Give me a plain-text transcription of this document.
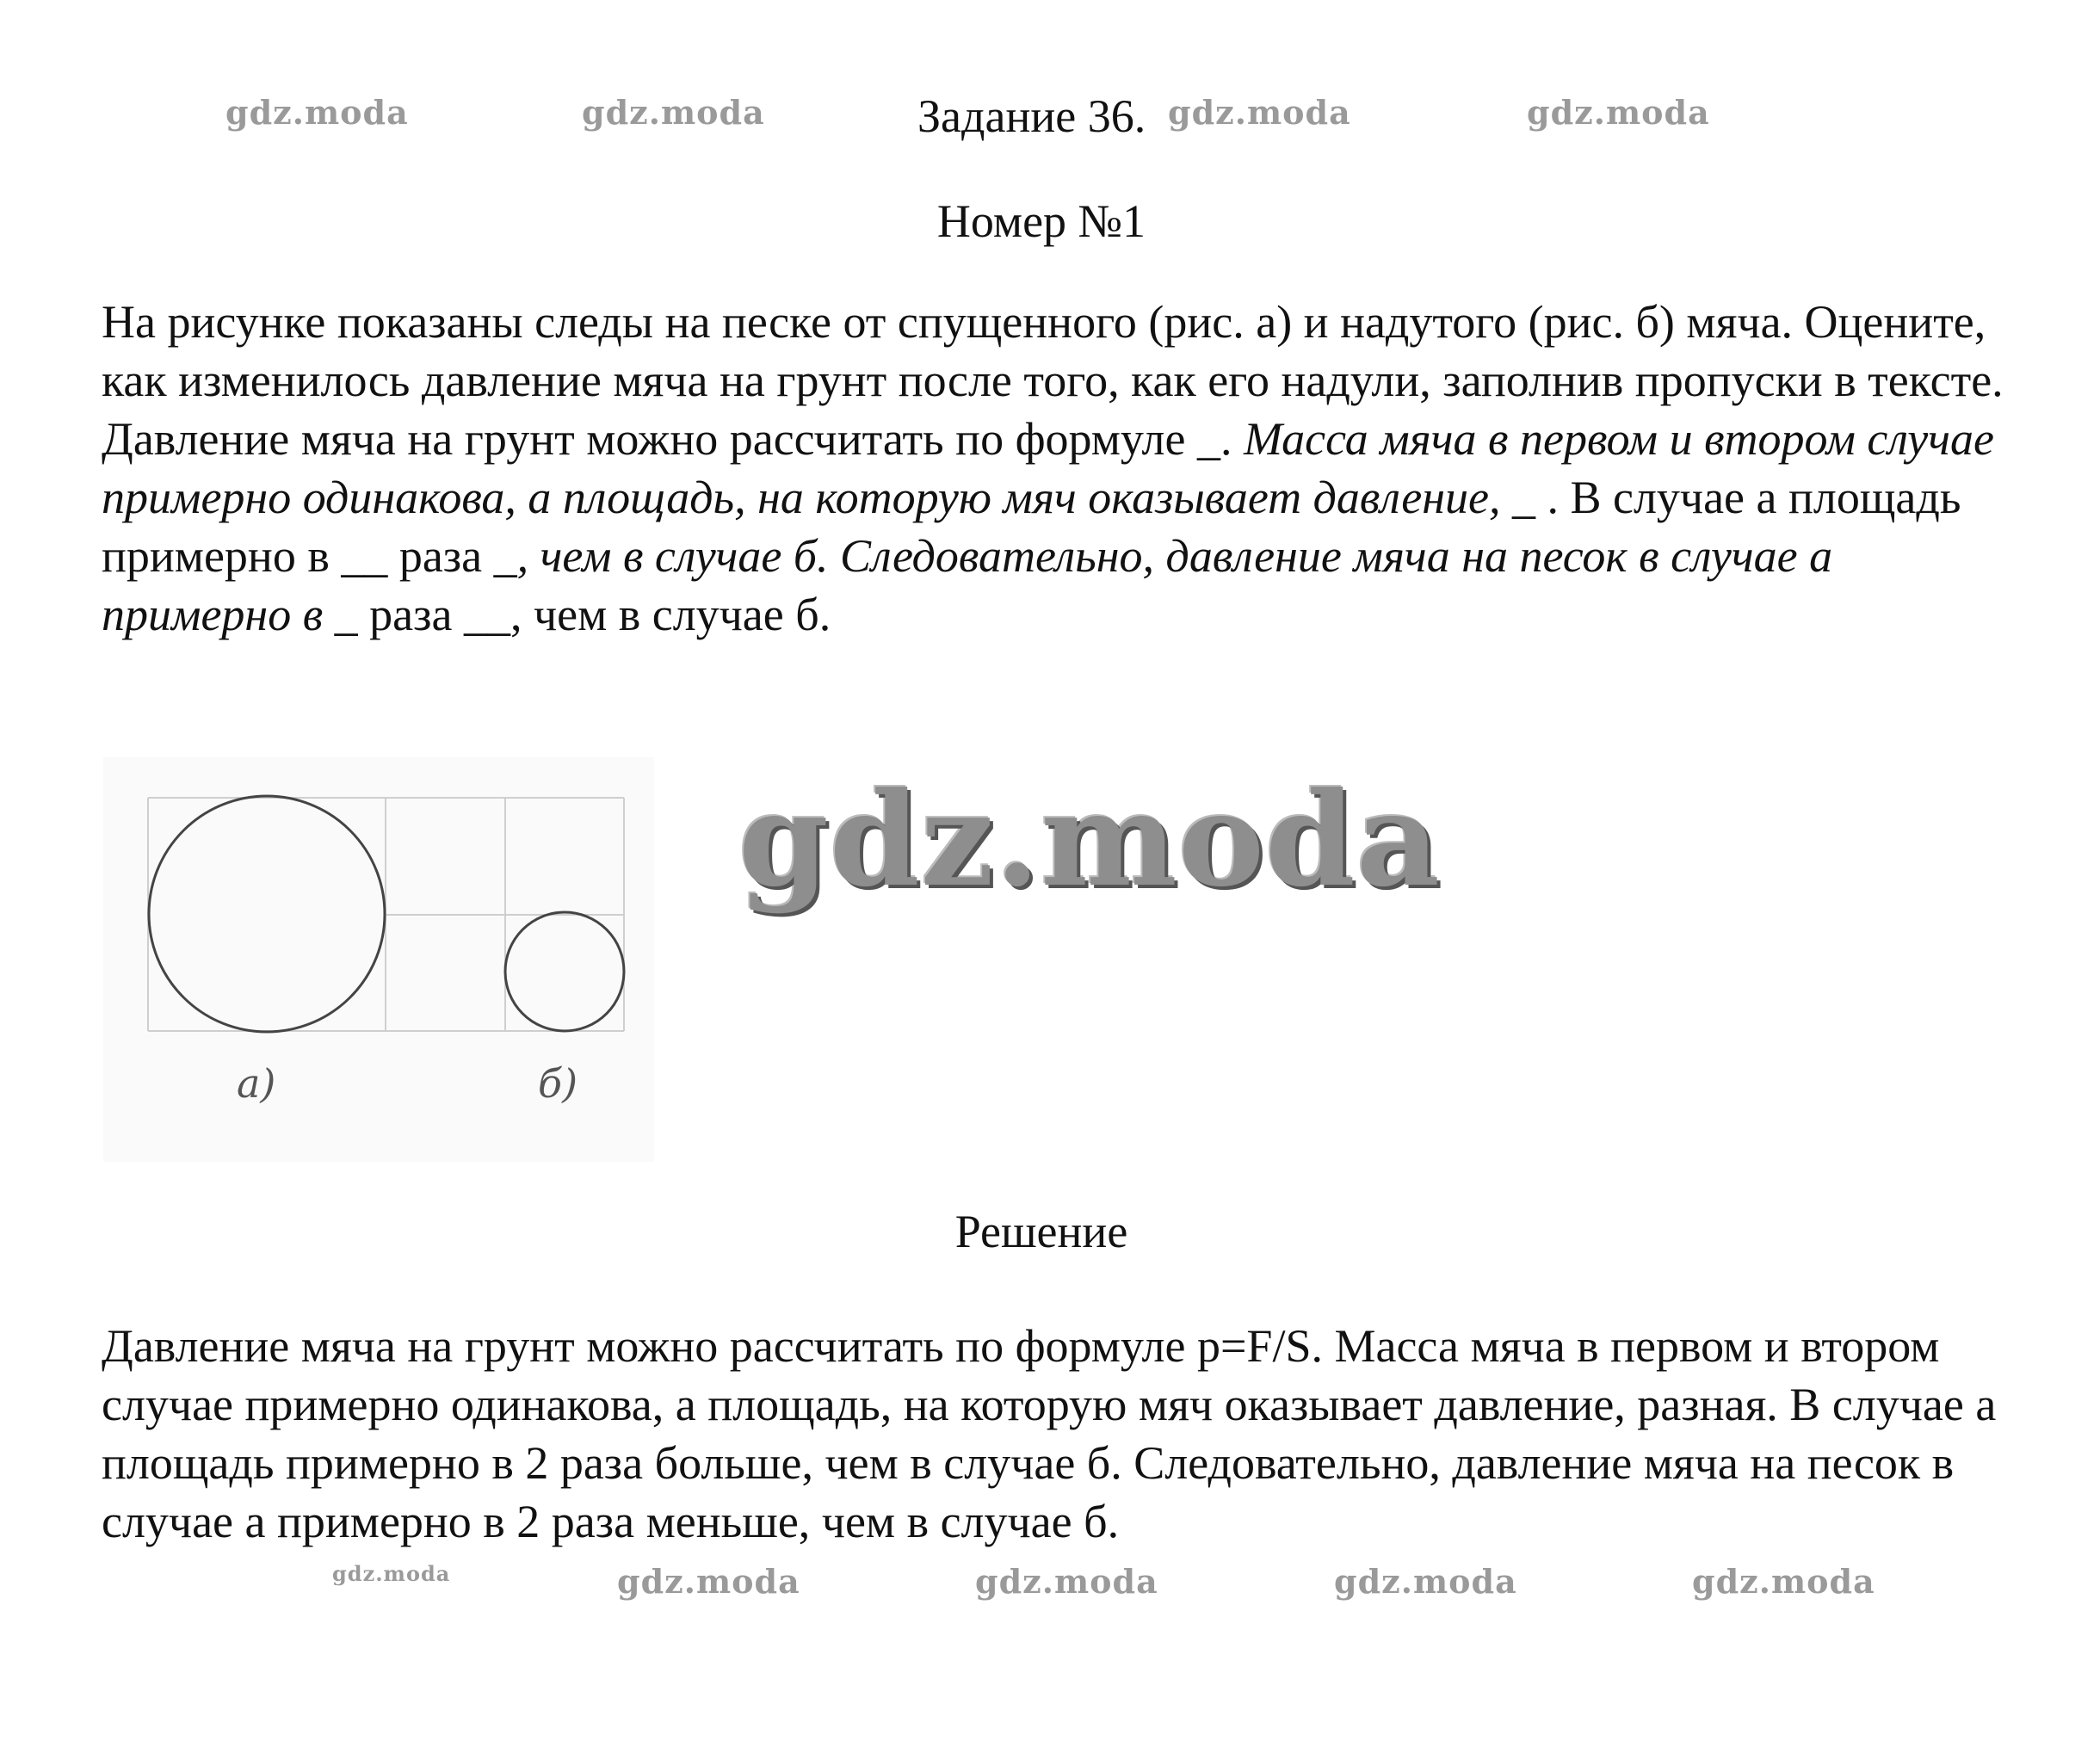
gdz.moda	gdz.moda	gdz.moda	gdz.moda
Задание 36.
Номер №1

На рисунке показаны следы на песке от спущенного (рис. а) и надутого (рис. б) мяча. Оцените, как изменилось давление мяча на грунт после того, как его надули, заполнив пропуски в тексте.

Давление мяча на грунт можно рассчитать по формуле _. Масса мяча в первом и втором случае примерно одинакова, а площадь, на которую мяч оказывает давление, _ . В случае а площадь примерно в __ раза _, чем в случае б. Следовательно, давление мяча на песок в случае а примерно в _ раза __, чем в случае б.

а)	б)
gdz.moda
Решение

Давление мяча на грунт можно рассчитать по формуле p=F/S. Масса мяча в первом и втором случае примерно одинакова, а площадь, на которую мяч оказывает давление, разная. В случае а площадь примерно в 2 раза больше, чем в случае б. Следовательно, давление мяча на песок в случае а примерно в 2 раза меньше, чем в случае б.

gdz.moda	gdz.moda	gdz.moda	gdz.moda	gdz.moda
